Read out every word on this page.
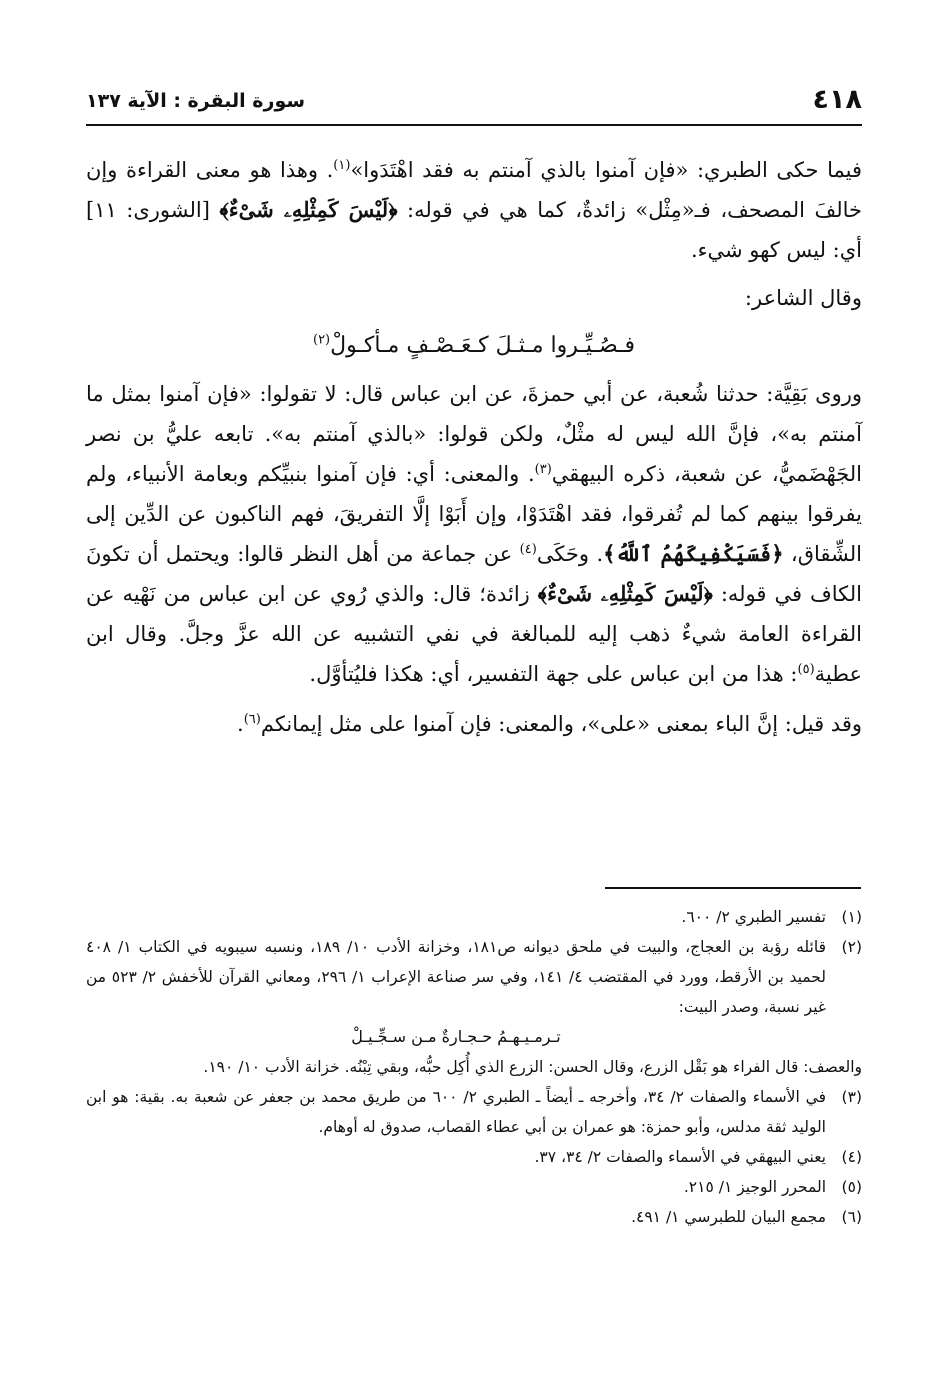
٤١٨
سورة البقرة : الآية ١٣٧

فيما حكى الطبري: «فإن آمنوا بالذي آمنتم به فقد اهْتَدَوا»$^{(١)}$. وهذا هو معنى القراءة وإن خالفَ المصحف، فـ«مِثْل» زائدةٌ، كما هي في قوله: ﴿لَيْسَ كَمِثْلِهِۦ شَىْءٌ﴾ [الشورى: ١١] أي: ليس كهو شيء.

وقال الشاعر:

فـصُـيِّـروا مـثـلَ كـعَـصْـفٍ مـأكـولْ$^{(٢)}$

وروى بَقِيَّة: حدثنا شُعبة، عن أبي حمزةَ، عن ابن عباس قال: لا تقولوا: «فإن آمنوا بمثل ما آمنتم به»، فإنَّ الله ليس له مثْلٌ، ولكن قولوا: «بالذي آمنتم به». تابعه عليُّ بن نصر الجَهْضَميُّ، عن شعبة، ذكره البيهقي$^{(٣)}$. والمعنى: أي: فإن آمنوا بنبيِّكم وبعامة الأنبياء، ولم يفرقوا بينهم كما لم تُفرقوا، فقد اهْتَدَوْا، وإن أَبَوْا إلَّا التفريقَ، فهم الناكبون عن الدِّين إلى الشِّقاق، ﴿فَسَيَكْفِيكَهُمُ ٱللَّهُ﴾. وحَكَى$^{(٤)}$ عن جماعة من أهل النظر قالوا: ويحتمل أن تكونَ الكاف في قوله: ﴿لَيْسَ كَمِثْلِهِۦ شَىْءٌ﴾ زائدة؛ قال: والذي رُوي عن ابن عباس من نَهْيه عن القراءة العامة شيءٌ ذهب إليه للمبالغة في نفي التشبيه عن الله عزَّ وجلَّ. وقال ابن عطية$^{(٥)}$: هذا من ابن عباس على جهة التفسير، أي: هكذا فليُتأوَّل.

وقد قيل: إنَّ الباء بمعنى «على»، والمعنى: فإن آمنوا على مثل إيمانكم$^{(٦)}$.

(١)
تفسير الطبري ٢/ ٦٠٠.
(٢)
قائله رؤبة بن العجاج، والبيت في ملحق ديوانه ص١٨١، وخزانة الأدب ١٠/ ١٨٩، ونسبه سيبويه في الكتاب ١/ ٤٠٨ لحميد بن الأرقط، وورد في المقتضب ٤/ ١٤١، وفي سر صناعة الإعراب ١/ ٢٩٦، ومعاني القرآن للأخفش ٢/ ٥٢٣ من غير نسبة، وصدر البيت:
تـرمـيـهـمُ حـجـارةٌ مـن سـجِّـيـلْ
والعصف: قال الفراء هو بَقْل الزرع، وقال الحسن: الزرع الذي أُكِل حبُّه، وبقي تِبْنُه. خزانة الأدب ١٠/ ١٩٠.
(٣)
في الأسماء والصفات ٢/ ٣٤، وأخرجه ـ أيضاً ـ الطبري ٢/ ٦٠٠ من طريق محمد بن جعفر عن شعبة به. بقية: هو ابن الوليد ثقة مدلس، وأبو حمزة: هو عمران بن أبي عطاء القصاب، صدوق له أوهام.
(٤)
يعني البيهقي في الأسماء والصفات ٢/ ٣٤، ٣٧.
(٥)
المحرر الوجيز ١/ ٢١٥.
(٦)
مجمع البيان للطبرسي ١/ ٤٩١.
